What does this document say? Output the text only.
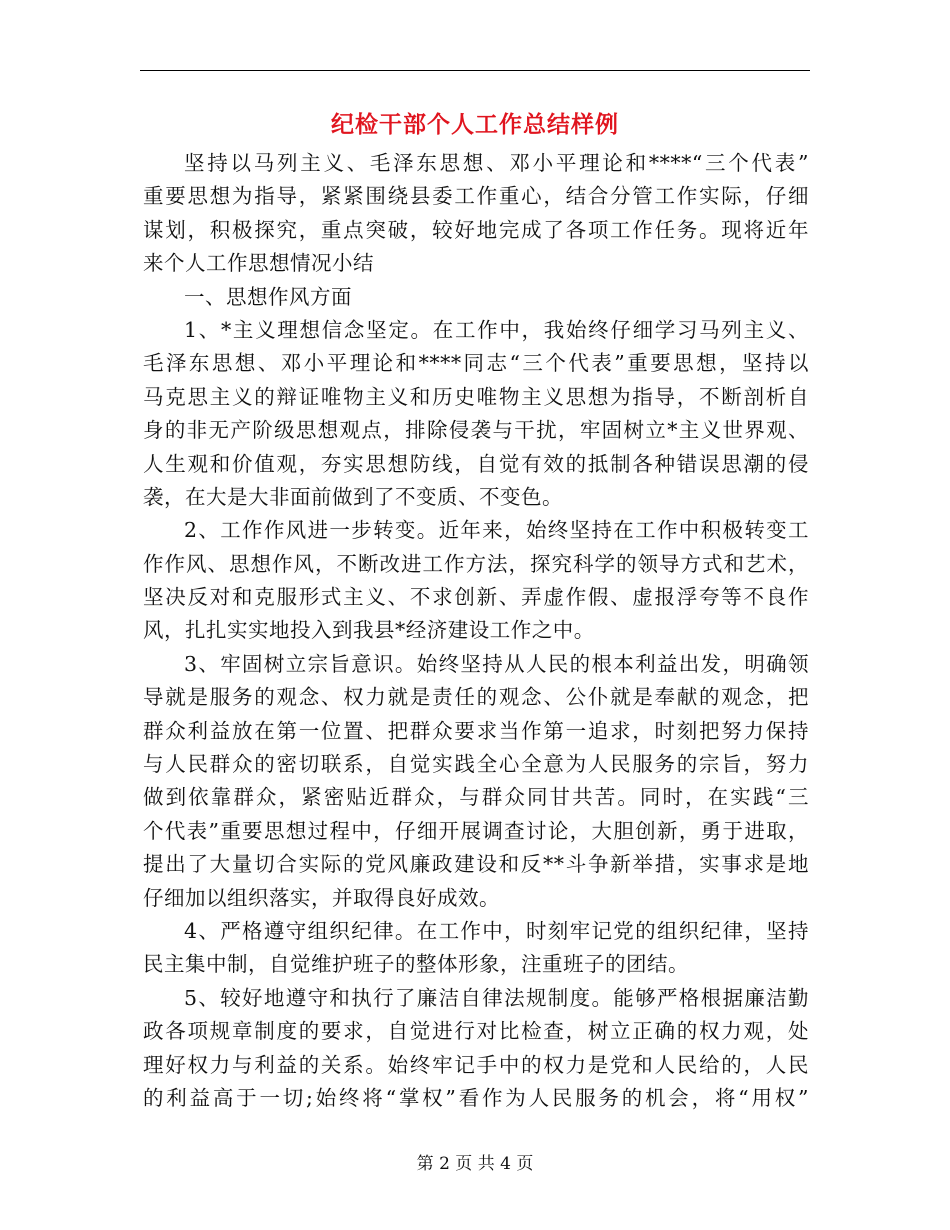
纪检干部个人工作总结样例
坚持以马列主义、毛泽东思想、邓小平理论和****“三个代表”
重要思想为指导，紧紧围绕县委工作重心，结合分管工作实际，仔细
谋划，积极探究，重点突破，较好地完成了各项工作任务。现将近年
来个人工作思想情况小结
一、思想作风方面
1、*主义理想信念坚定。在工作中，我始终仔细学习马列主义、
毛泽东思想、邓小平理论和****同志“三个代表”重要思想，坚持以
马克思主义的辩证唯物主义和历史唯物主义思想为指导，不断剖析自
身的非无产阶级思想观点，排除侵袭与干扰，牢固树立*主义世界观、
人生观和价值观，夯实思想防线，自觉有效的抵制各种错误思潮的侵
袭，在大是大非面前做到了不变质、不变色。
2、工作作风进一步转变。近年来，始终坚持在工作中积极转变工
作作风、思想作风，不断改进工作方法，探究科学的领导方式和艺术，
坚决反对和克服形式主义、不求创新、弄虚作假、虚报浮夸等不良作
风，扎扎实实地投入到我县*经济建设工作之中。
3、牢固树立宗旨意识。始终坚持从人民的根本利益出发，明确领
导就是服务的观念、权力就是责任的观念、公仆就是奉献的观念，把
群众利益放在第一位置、把群众要求当作第一追求，时刻把努力保持
与人民群众的密切联系，自觉实践全心全意为人民服务的宗旨，努力
做到依靠群众，紧密贴近群众，与群众同甘共苦。同时，在实践“三
个代表”重要思想过程中，仔细开展调查讨论，大胆创新，勇于进取，
提出了大量切合实际的党风廉政建设和反**斗争新举措，实事求是地
仔细加以组织落实，并取得良好成效。
4、严格遵守组织纪律。在工作中，时刻牢记党的组织纪律，坚持
民主集中制，自觉维护班子的整体形象，注重班子的团结。
5、较好地遵守和执行了廉洁自律法规制度。能够严格根据廉洁勤
政各项规章制度的要求，自觉进行对比检查，树立正确的权力观，处
理好权力与利益的关系。始终牢记手中的权力是党和人民给的，人民
的利益高于一切;始终将“掌权”看作为人民服务的机会，将“用权”
第 2 页 共 4 页
